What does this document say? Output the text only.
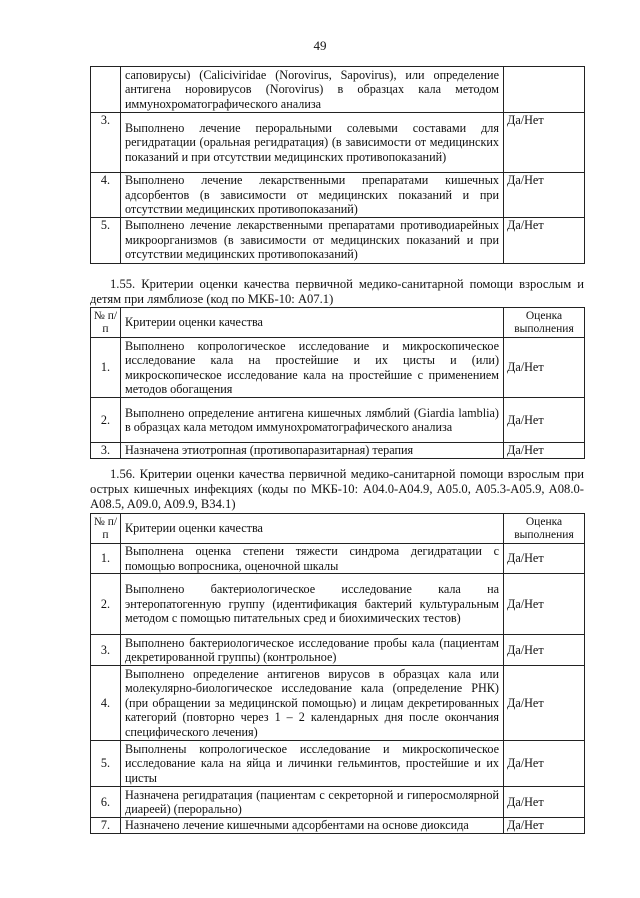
49
	саповирусы) (Caliciviridae (Norovirus, Sapovirus), или определение антигена норовирусов (Norovirus) в образцах кала методом иммунохроматографического анализа	
3.	Выполнено лечение пероральными солевыми составами для регидратации (оральная регидратация) (в зависимости от медицинских показаний и при отсутствии медицинских противопоказаний)	Да/Нет
4.	Выполнено лечение лекарственными препаратами кишечных адсорбентов (в зависимости от медицинских показаний и при отсутствии медицинских противопоказаний)	Да/Нет
5.	Выполнено лечение лекарственными препаратами противодиарейных микроорганизмов (в зависимости от медицинских показаний и при отсутствии медицинских противопоказаний)	Да/Нет
1.55. Критерии оценки качества первичной медико-санитарной помощи взрослым и детям при лямблиозе (код по МКБ-10: A07.1)
№ п/п	Критерии оценки качества	Оценка выполнения
1.	Выполнено копрологическое исследование и микроскопическое исследование кала на простейшие и их цисты и (или) микроскопическое исследование кала на простейшие с применением методов обогащения	Да/Нет
2.	Выполнено определение антигена кишечных лямблий (Giardia lamblia) в образцах кала методом иммунохроматографического анализа	Да/Нет
3.	Назначена этиотропная (противопаразитарная) терапия	Да/Нет
1.56. Критерии оценки качества первичной медико-санитарной помощи взрослым при острых кишечных инфекциях (коды по МКБ-10: A04.0-A04.9, A05.0, A05.3-A05.9, A08.0-A08.5, A09.0, A09.9, B34.1)
№ п/п	Критерии оценки качества	Оценка выполнения
1.	Выполнена оценка степени тяжести синдрома дегидратации с помощью вопросника, оценочной шкалы	Да/Нет
2.	Выполнено бактериологическое исследование кала на энтеропатогенную группу (идентификация бактерий культуральным методом с помощью питательных сред и биохимических тестов)	Да/Нет
3.	Выполнено бактериологическое исследование пробы кала (пациентам декретированной группы) (контрольное)	Да/Нет
4.	Выполнено определение антигенов вирусов в образцах кала или молекулярно-биологическое исследование кала (определение РНК) (при обращении за медицинской помощью) и лицам декретированных категорий (повторно через 1 – 2 календарных дня после окончания специфического лечения)	Да/Нет
5.	Выполнены копрологическое исследование и микроскопическое исследование кала на яйца и личинки гельминтов, простейшие и их цисты	Да/Нет
6.	Назначена регидратация (пациентам с секреторной и гиперосмолярной диареей) (перорально)	Да/Нет
7.	Назначено лечение кишечными адсорбентами на основе диоксида	Да/Нет
